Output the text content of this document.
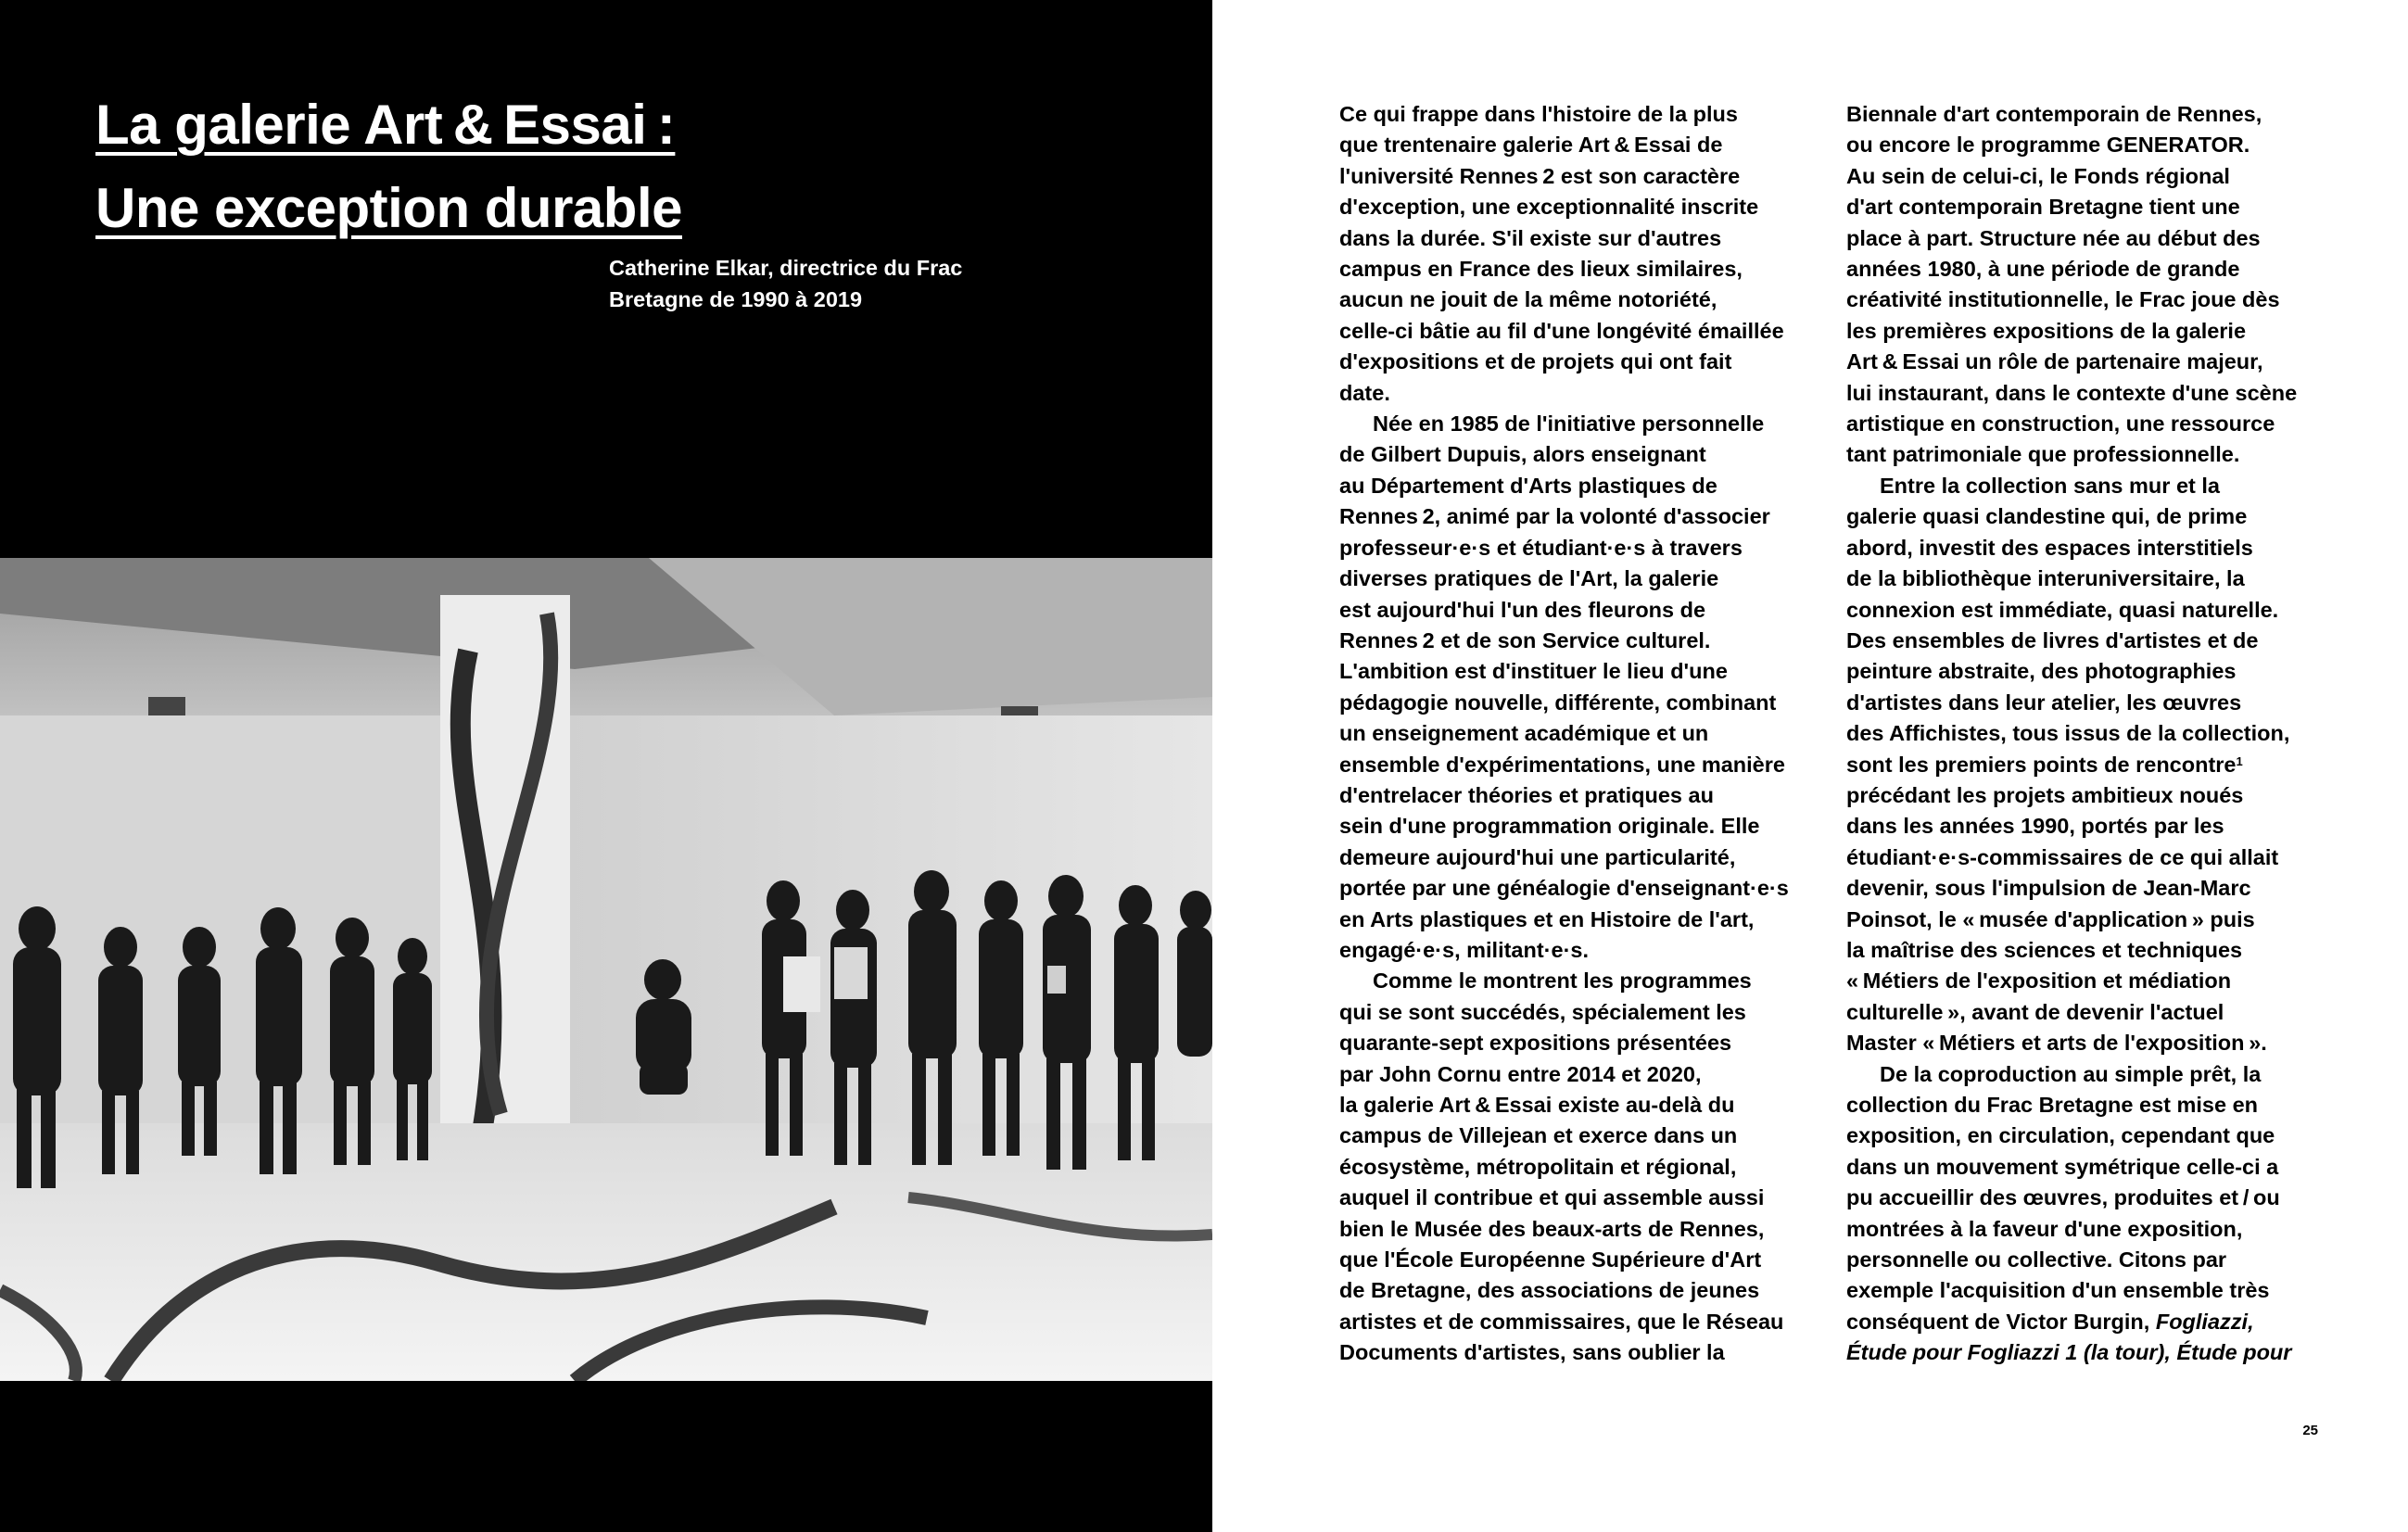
La galerie Art & Essai :
Une exception durable
Catherine Elkar, directrice du Frac
Bretagne de 1990 à 2019
Ce qui frappe dans l'histoire de la plus
que trentenaire galerie Art & Essai de
l'université Rennes 2 est son caractère
d'exception, une exceptionnalité inscrite
dans la durée. S'il existe sur d'autres
campus en France des lieux similaires,
aucun ne jouit de la même notoriété,
celle-ci bâtie au fil d'une longévité émaillée
d'expositions et de projets qui ont fait
date.
Née en 1985 de l'initiative personnelle
de Gilbert Dupuis, alors enseignant
au Département d'Arts plastiques de
Rennes 2, animé par la volonté d'associer
professeur·e·s et étudiant·e·s à travers
diverses pratiques de l'Art, la galerie
est aujourd'hui l'un des fleurons de
Rennes 2 et de son Service culturel.
L'ambition est d'instituer le lieu d'une
pédagogie nouvelle, différente, combinant
un enseignement académique et un
ensemble d'expérimentations, une manière
d'entrelacer théories et pratiques au
sein d'une programmation originale. Elle
demeure aujourd'hui une particularité,
portée par une généalogie d'enseignant·e·s
en Arts plastiques et en Histoire de l'art,
engagé·e·s, militant·e·s.
Comme le montrent les programmes
qui se sont succédés, spécialement les
quarante-sept expositions présentées
par John Cornu entre 2014 et 2020,
la galerie Art & Essai existe au-delà du
campus de Villejean et exerce dans un
écosystème, métropolitain et régional,
auquel il contribue et qui assemble aussi
bien le Musée des beaux-arts de Rennes,
que l'École Européenne Supérieure d'Art
de Bretagne, des associations de jeunes
artistes et de commissaires, que le Réseau
Documents d'artistes, sans oublier la
Biennale d'art contemporain de Rennes,
ou encore le programme GENERATOR.
Au sein de celui-ci, le Fonds régional
d'art contemporain Bretagne tient une
place à part. Structure née au début des
années 1980, à une période de grande
créativité institutionnelle, le Frac joue dès
les premières expositions de la galerie
Art & Essai un rôle de partenaire majeur,
lui instaurant, dans le contexte d'une scène
artistique en construction, une ressource
tant patrimoniale que professionnelle.
Entre la collection sans mur et la
galerie quasi clandestine qui, de prime
abord, investit des espaces interstitiels
de la bibliothèque interuniversitaire, la
connexion est immédiate, quasi naturelle.
Des ensembles de livres d'artistes et de
peinture abstraite, des photographies
d'artistes dans leur atelier, les œuvres
des Affichistes, tous issus de la collection,
sont les premiers points de rencontre$^1$
précédant les projets ambitieux noués
dans les années 1990, portés par les
étudiant·e·s-commissaires de ce qui allait
devenir, sous l'impulsion de Jean-Marc
Poinsot, le « musée d'application » puis
la maîtrise des sciences et techniques
« Métiers de l'exposition et médiation
culturelle », avant de devenir l'actuel
Master « Métiers et arts de l'exposition ».
De la coproduction au simple prêt, la
collection du Frac Bretagne est mise en
exposition, en circulation, cependant que
dans un mouvement symétrique celle-ci a
pu accueillir des œuvres, produites et / ou
montrées à la faveur d'une exposition,
personnelle ou collective. Citons par
exemple l'acquisition d'un ensemble très
conséquent de Victor Burgin, Fogliazzi,
Étude pour Fogliazzi 1 (la tour), Étude pour
25
